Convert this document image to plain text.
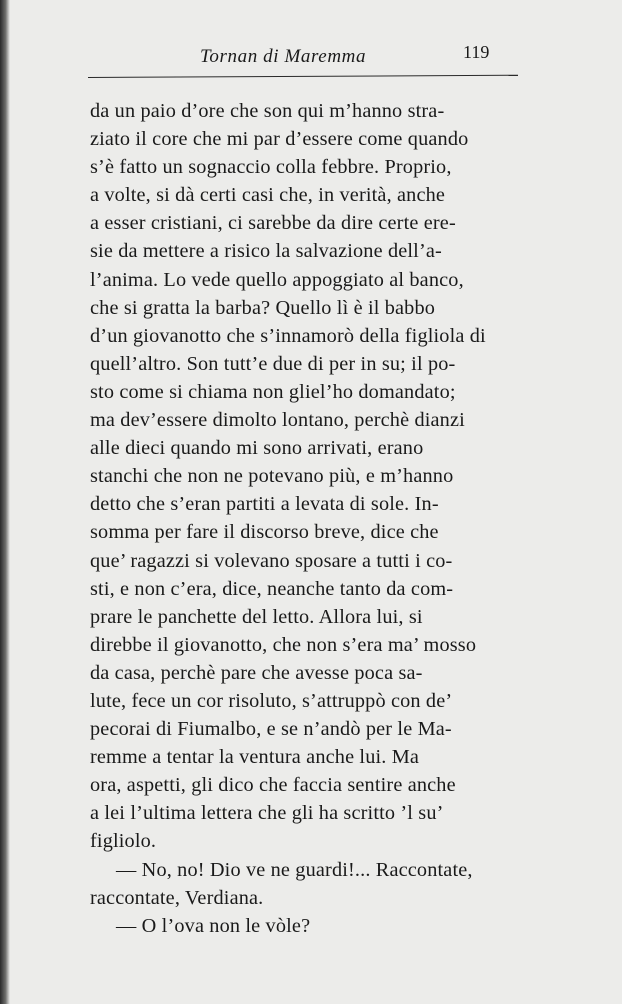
Tornan di Maremma	119
da un paio d’ore che son qui m’hanno stra-
ziato il core che mi par d’essere come quando
s’è fatto un sognaccio colla febbre. Proprio,
a volte, si dà certi casi che, in verità, anche
a esser cristiani, ci sarebbe da dire certe ere-
sie da mettere a risico la salvazione dell’a-
l’anima. Lo vede quello appoggiato al banco,
che si gratta la barba? Quello lì è il babbo
d’un giovanotto che s’innamorò della figliola di
quell’altro. Son tutt’e due di per in su; il po-
sto come si chiama non gliel’ho domandato;
ma dev’essere dimolto lontano, perchè dianzi
alle dieci quando mi sono arrivati, erano
stanchi che non ne potevano più, e m’hanno
detto che s’eran partiti a levata di sole. In-
somma per fare il discorso breve, dice che
que’ ragazzi si volevano sposare a tutti i co-
sti, e non c’era, dice, neanche tanto da com-
prare le panchette del letto. Allora lui, si
direbbe il giovanotto, che non s’era ma’ mosso
da casa, perchè pare che avesse poca sa-
lute, fece un cor risoluto, s’attruppò con de’
pecorai di Fiumalbo, e se n’andò per le Ma-
remme a tentar la ventura anche lui. Ma
ora, aspetti, gli dico che faccia sentire anche
a lei l’ultima lettera che gli ha scritto ’l su’
figliolo.
— No, no! Dio ve ne guardi!... Raccontate,
raccontate, Verdiana.
— O l’ova non le vòle?
